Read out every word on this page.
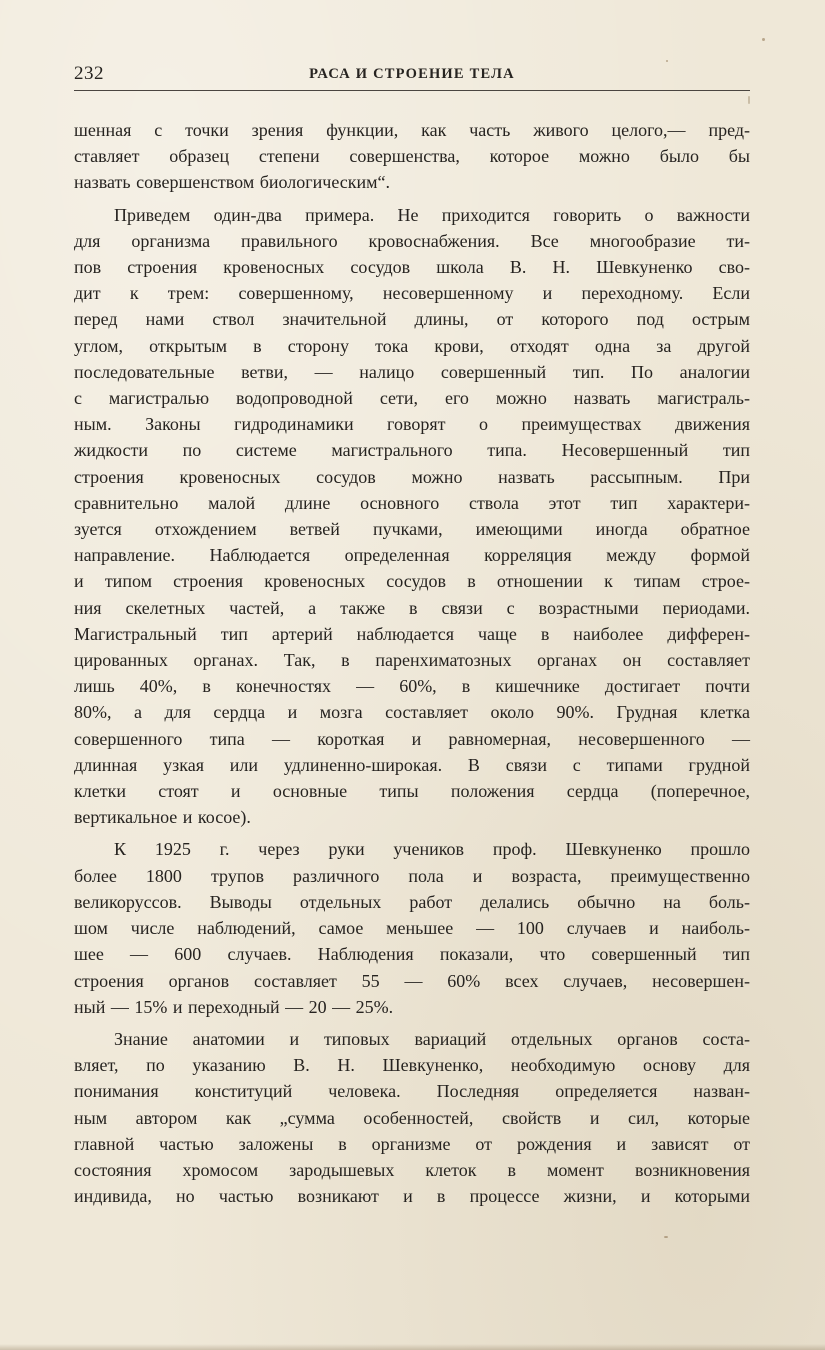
232	РАСА И СТРОЕНИЕ ТЕЛА

шенная с точки зрения функции, как часть живого целого,— пред-
ставляет образец степени совершенства, которое можно было бы
назвать совершенством биологическим“.

Приведем один-два примера. Не приходится говорить о важности
для организма правильного кровоснабжения. Все многообразие ти-
пов строения кровеносных сосудов школа В. Н. Шевкуненко сво-
дит к трем: совершенному, несовершенному и переходному. Если
перед нами ствол значительной длины, от которого под острым
углом, открытым в сторону тока крови, отходят одна за другой
последовательные ветви, — налицо совершенный тип. По аналогии
с магистралью водопроводной сети, его можно назвать магистраль-
ным. Законы гидродинамики говорят о преимуществах движения
жидкости по системе магистрального типа. Несовершенный тип
строения кровеносных сосудов можно назвать рассыпным. При
сравнительно малой длине основного ствола этот тип характери-
зуется отхождением ветвей пучками, имеющими иногда обратное
направление. Наблюдается определенная корреляция между формой
и типом строения кровеносных сосудов в отношении к типам строе-
ния скелетных частей, а также в связи с возрастными периодами.
Магистральный тип артерий наблюдается чаще в наиболее дифферен-
цированных органах. Так, в паренхиматозных органах он составляет
лишь 40%, в конечностях — 60%, в кишечнике достигает почти
80%, а для сердца и мозга составляет около 90%. Грудная клетка
совершенного типа — короткая и равномерная, несовершенного —
длинная узкая или удлиненно-широкая. В связи с типами грудной
клетки стоят и основные типы положения сердца (поперечное,
вертикальное и косое).

К 1925 г. через руки учеников проф. Шевкуненко прошло
более 1800 трупов различного пола и возраста, преимущественно
великоруссов. Выводы отдельных работ делались обычно на боль-
шом числе наблюдений, самое меньшее — 100 случаев и наиболь-
шее — 600 случаев. Наблюдения показали, что совершенный тип
строения органов составляет 55 — 60% всех случаев, несовершен-
ный — 15% и переходный — 20 — 25%.

Знание анатомии и типовых вариаций отдельных органов соста-
вляет, по указанию В. Н. Шевкуненко, необходимую основу для
понимания конституций человека. Последняя определяется назван-
ным автором как „сумма особенностей, свойств и сил, которые
главной частью заложены в организме от рождения и зависят от
состояния хромосом зародышевых клеток в момент возникновения
индивида, но частью возникают и в процессе жизни, и которыми
